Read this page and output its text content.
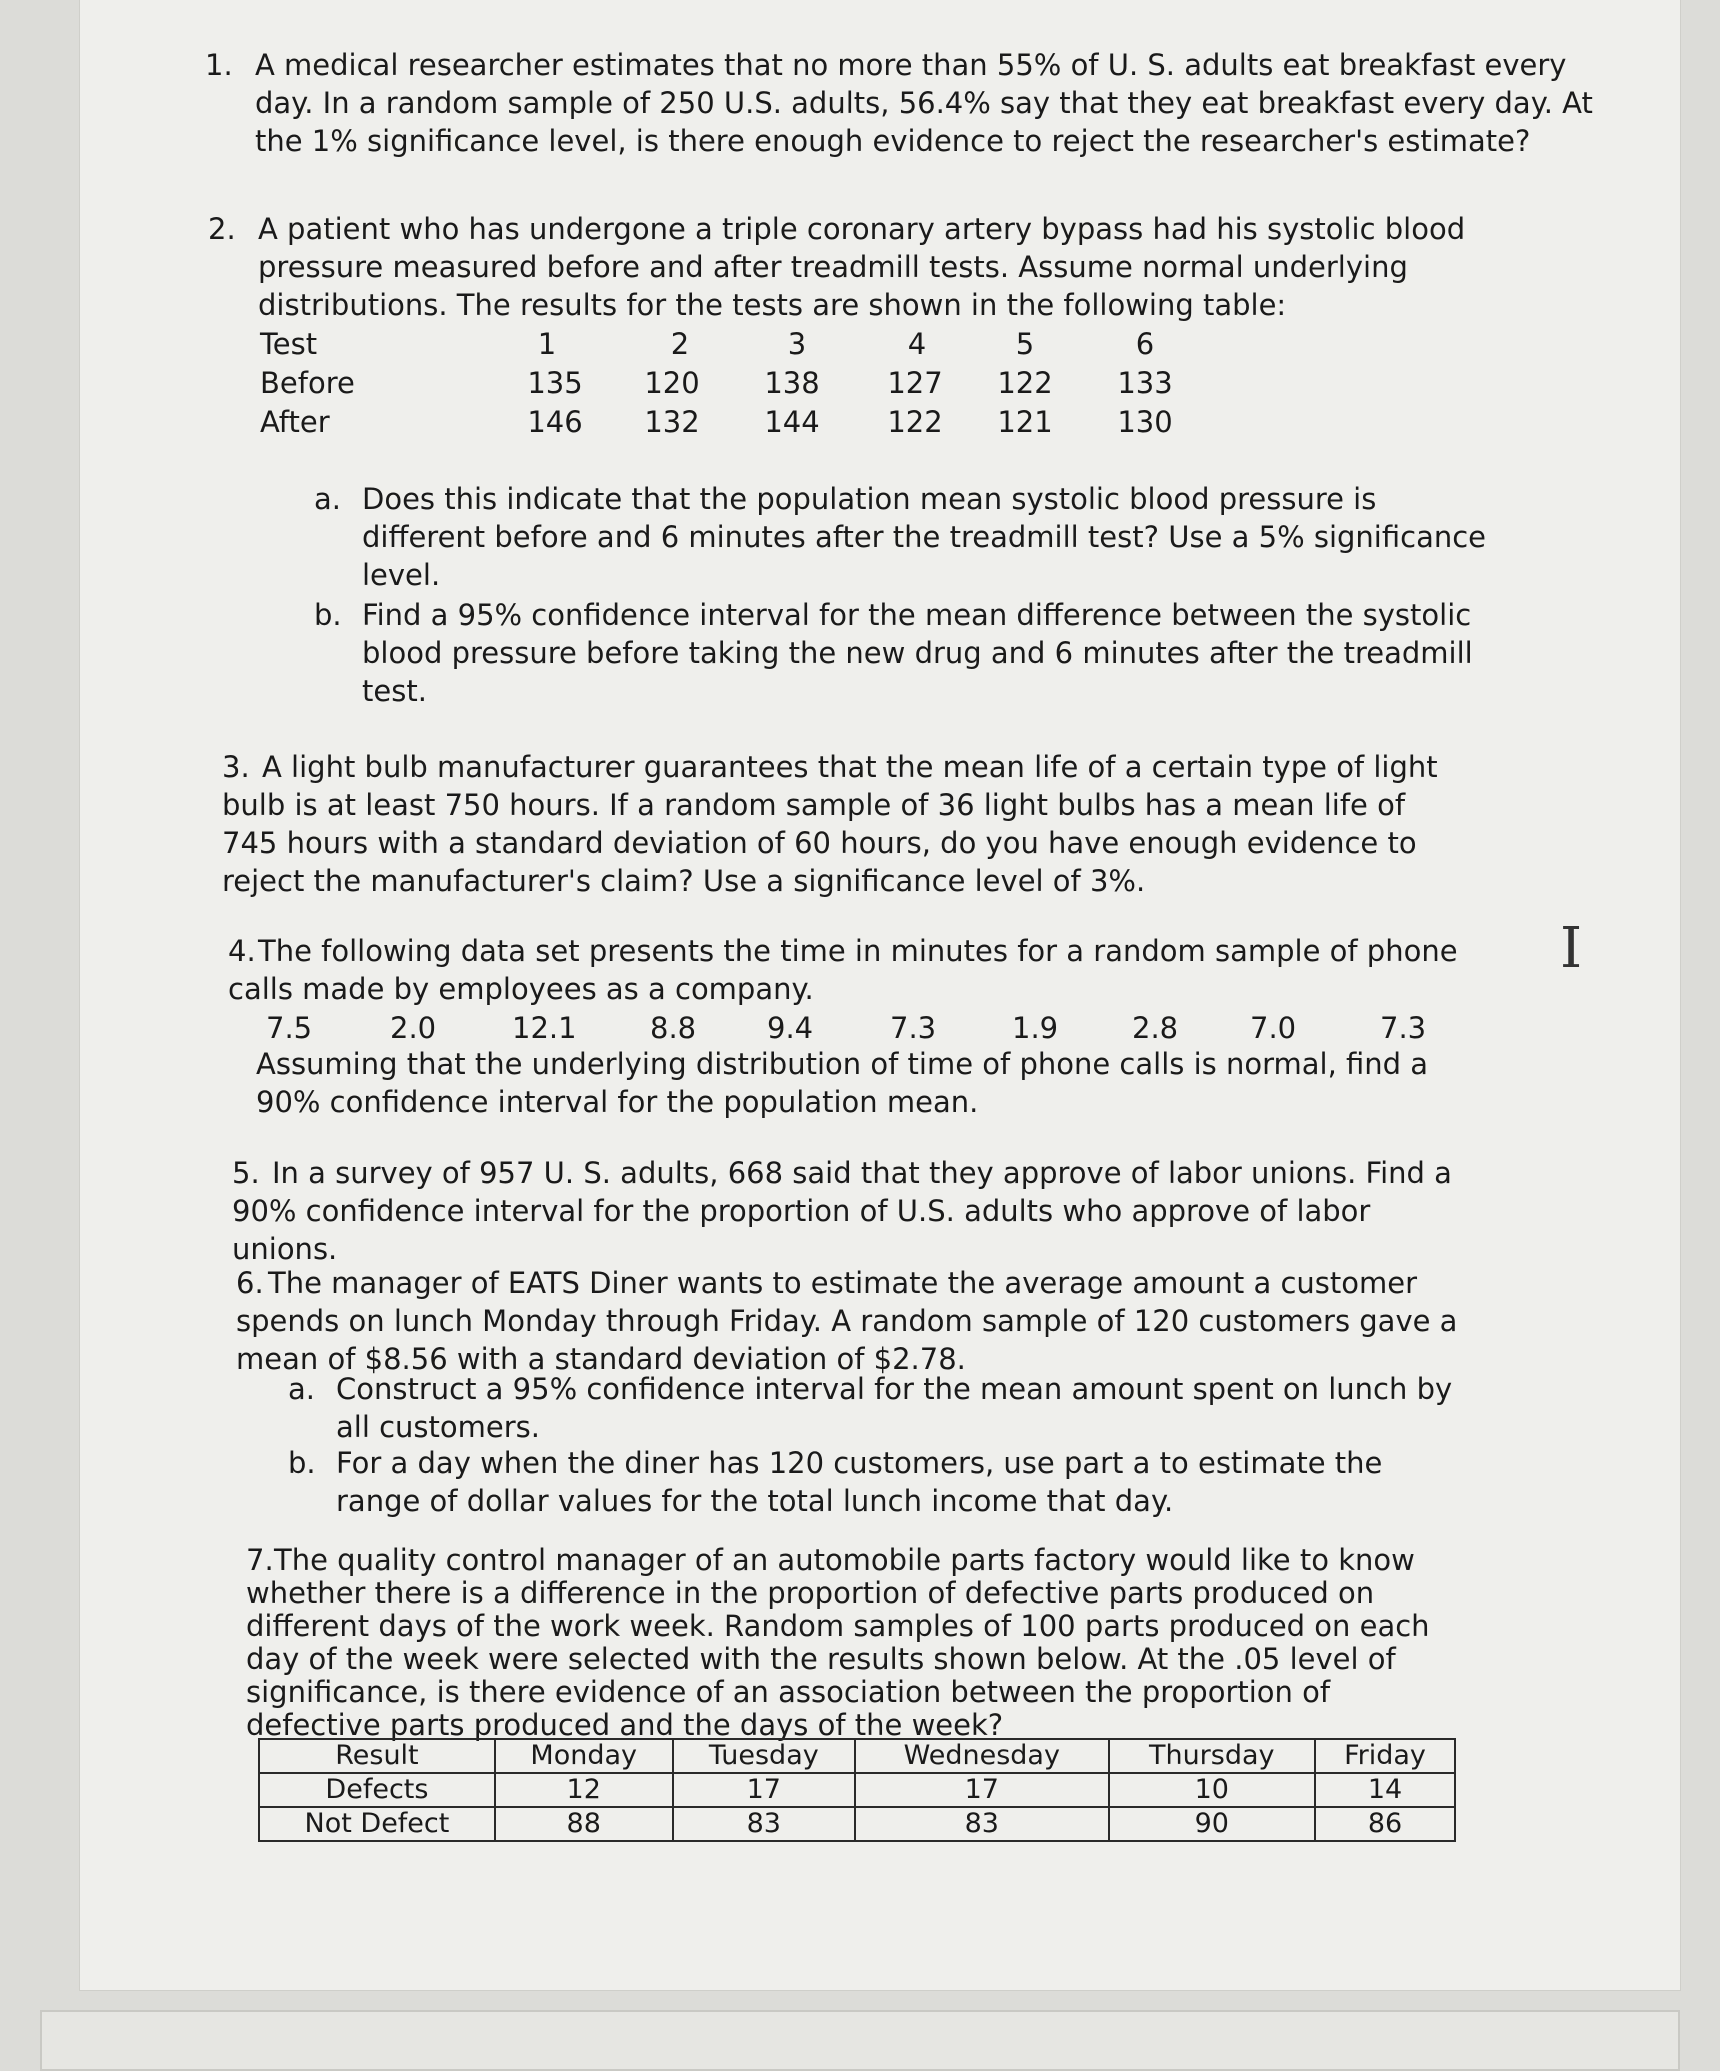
1. A medical researcher estimates that no more than 55% of U. S. adults eat breakfast every day. In a random sample of 250 U.S. adults, 56.4% say that they eat breakfast every day. At the 1% significance level, is there enough evidence to reject the researcher's estimate?

2. A patient who has undergone a triple coronary artery bypass had his systolic blood pressure measured before and after treadmill tests. Assume normal underlying distributions. The results for the tests are shown in the following table:

Test	1	2	3	4	5	6
Before	135 120 138 127 122 133
After	146 132 144 122 121 130
a. Does this indicate that the population mean systolic blood pressure is different before and 6 minutes after the treadmill test? Use a 5% significance level.

b. Find a 95% confidence interval for the mean difference between the systolic blood pressure before taking the new drug and 6 minutes after the treadmill test.

3. A light bulb manufacturer guarantees that the mean life of a certain type of light bulb is at least 750 hours. If a random sample of 36 light bulbs has a mean life of 745 hours with a standard deviation of 60 hours, do you have enough evidence to reject the manufacturer's claim? Use a significance level of 3%.

4. The following data set presents the time in minutes for a random sample of phone calls made by employees as a company.

7.5	2.0	12.1	8.8 9.4	7.3	1.9	2.8 7.0	7.3

Assuming that the underlying distribution of time of phone calls is normal, find a 90% confidence interval for the population mean.

5. In a survey of 957 U. S. adults, 668 said that they approve of labor unions. Find a 90% confidence interval for the proportion of U.S. adults who approve of labor unions.

6. The manager of EATS Diner wants to estimate the average amount a customer spends on lunch Monday through Friday. A random sample of 120 customers gave a mean of $8.56 with a standard deviation of $2.78.

a. Construct a 95% confidence interval for the mean amount spent on lunch by all customers.

b. For a day when the diner has 120 customers, use part a to estimate the range of dollar values for the total lunch income that day.

7. The quality control manager of an automobile parts factory would like to know whether there is a difference in the proportion of defective parts produced on different days of the work week. Random samples of 100 parts produced on each day of the week were selected with the results shown below. At the .05 level of significance, is there evidence of an association between the proportion of defective parts produced and the days of the week?

Result	Monday	Tuesday	Wednesday	Thursday	Friday
Defects	12	17	17	10	14
Not Defect	88	83	83	90	86
I
